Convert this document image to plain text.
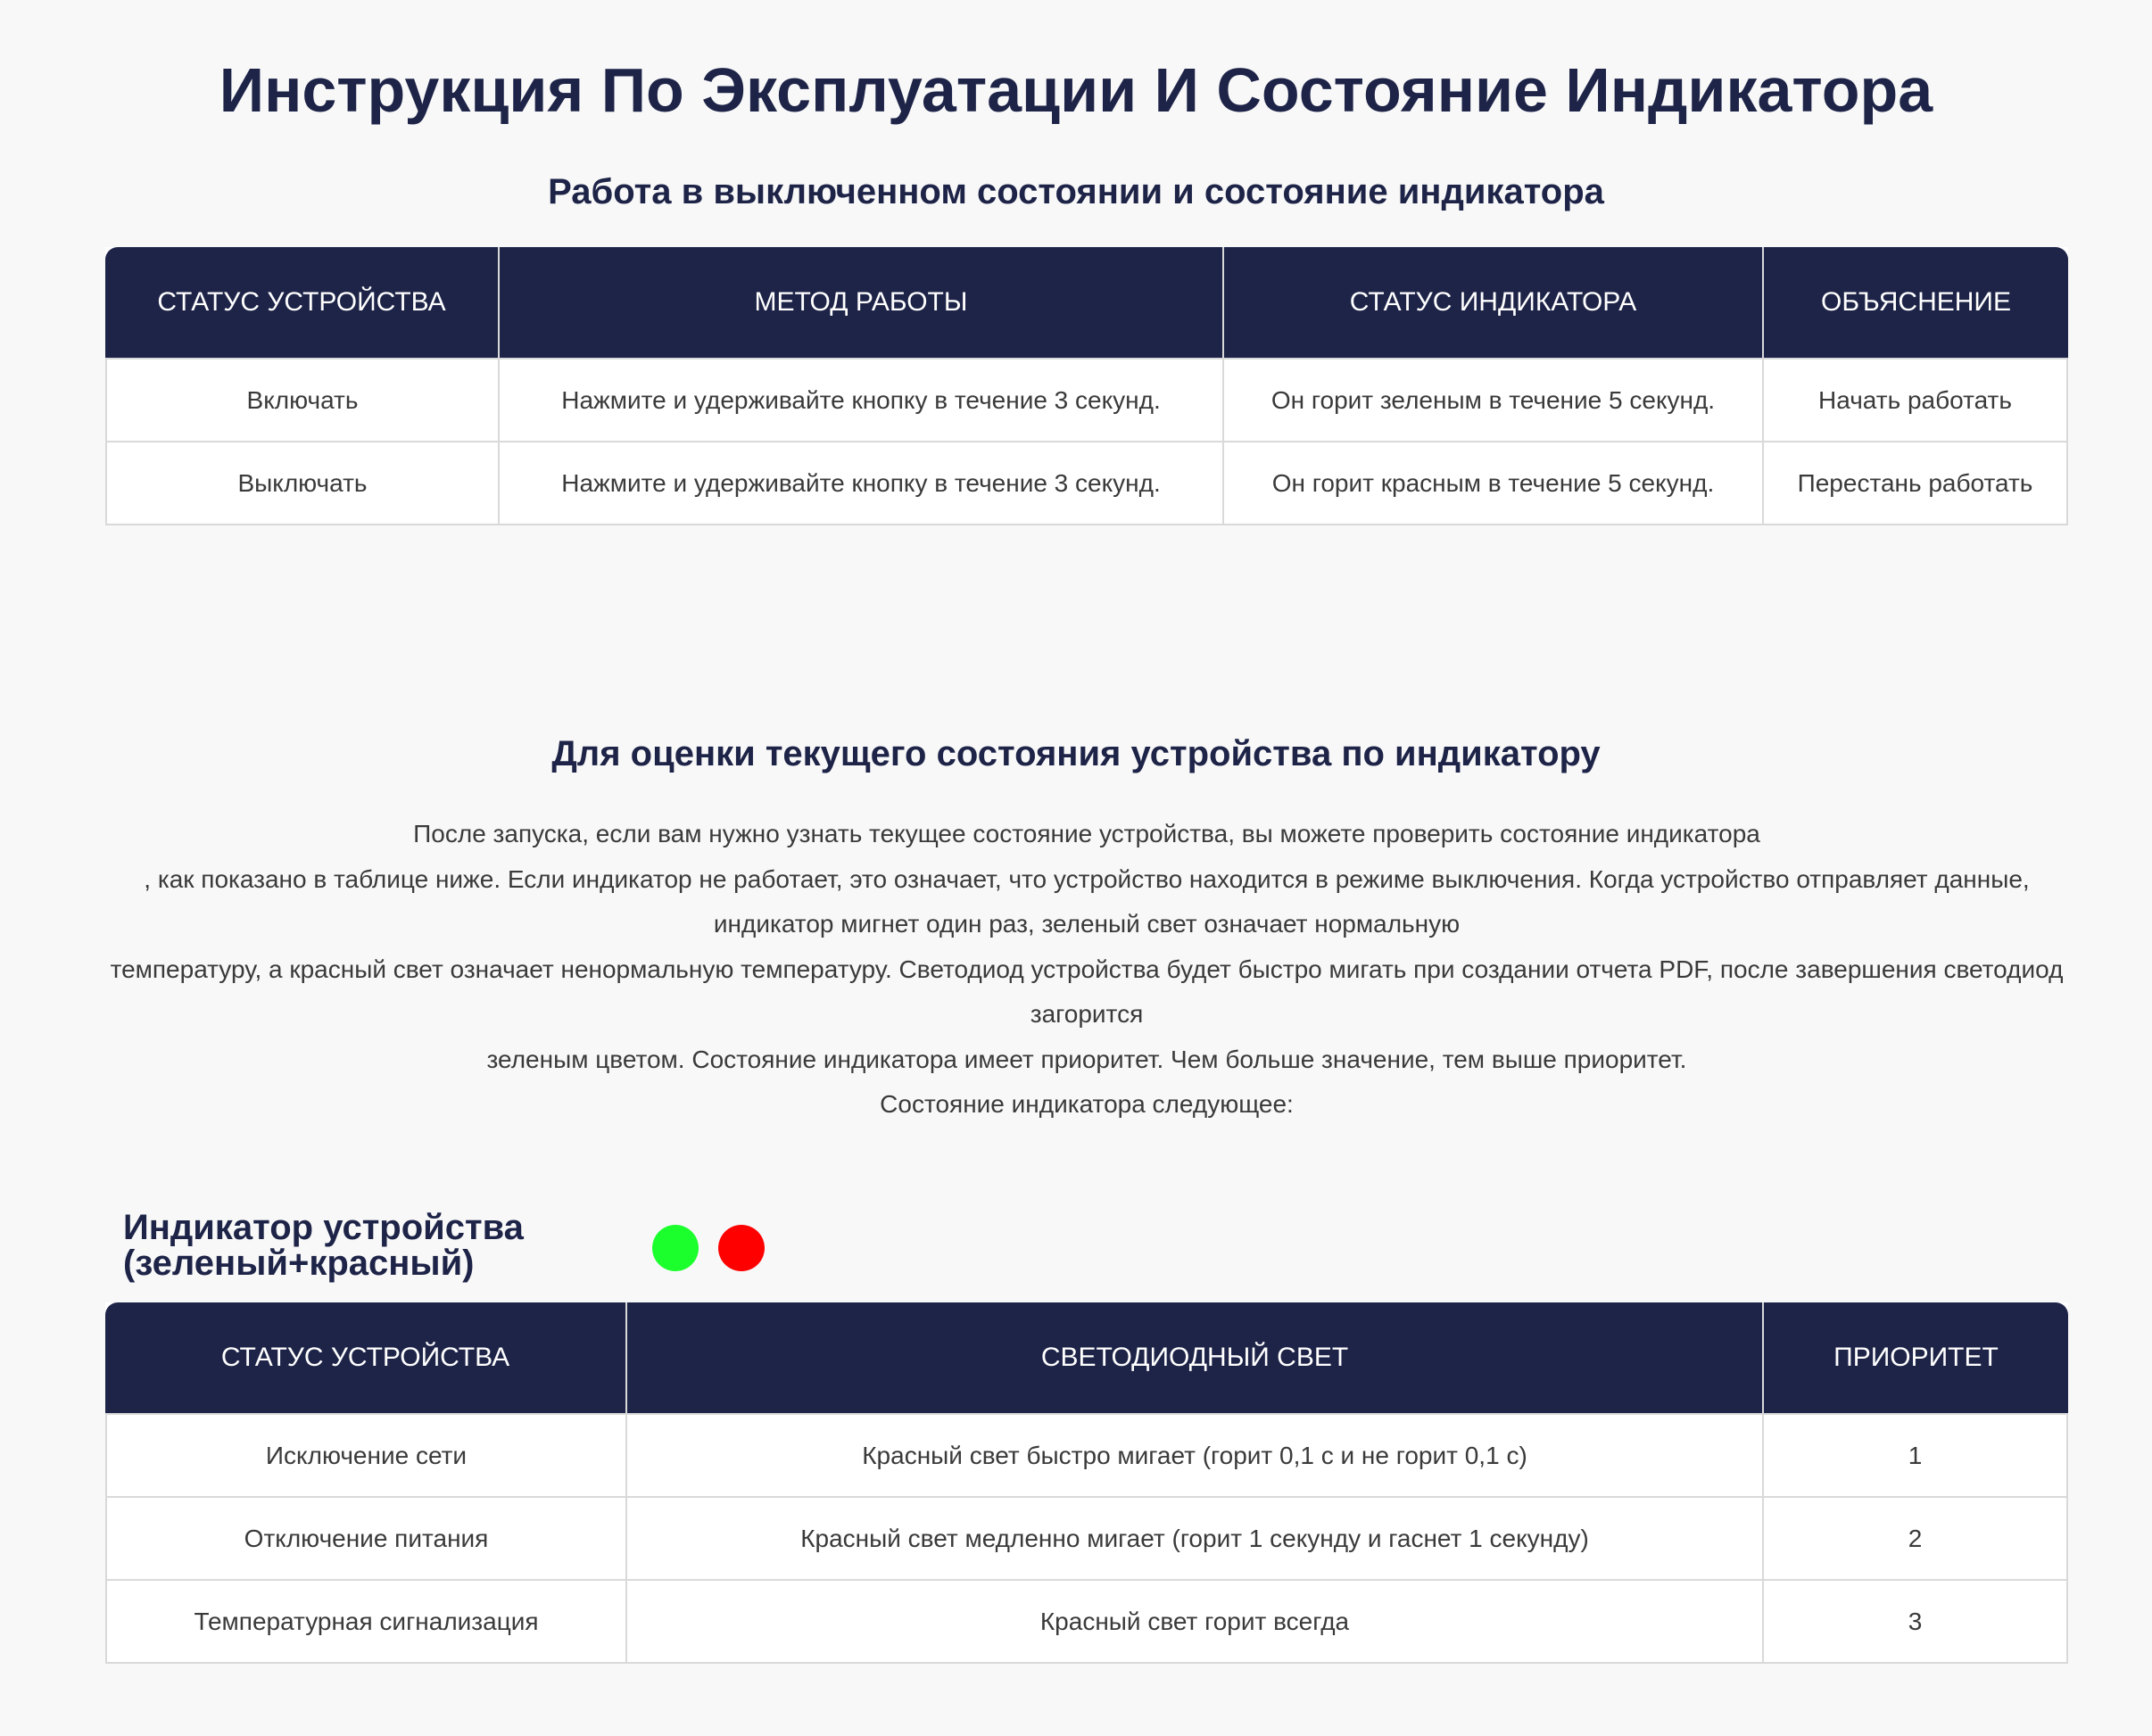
Инструкция По Эксплуатации И Состояние Индикатора
Работа в выключенном состоянии и состояние индикатора
СТАТУС УСТРОЙСТВА	МЕТОД РАБОТЫ	СТАТУС ИНДИКАТОРА	ОБЪЯСНЕНИЕ
Включать	Нажмите и удерживайте кнопку в течение 3 секунд.	Он горит зеленым в течение 5 секунд.	Начать работать
Выключать	Нажмите и удерживайте кнопку в течение 3 секунд.	Он горит красным в течение 5 секунд.	Перестань работать
Для оценки текущего состояния устройства по индикатору
После запуска, если вам нужно узнать текущее состояние устройства, вы можете проверить состояние индикатора
, как показано в таблице ниже. Если индикатор не работает, это означает, что устройство находится в режиме выключения. Когда устройство отправляет данные, индикатор мигнет один раз, зеленый свет означает нормальную
температуру, а красный свет означает ненормальную температуру. Светодиод устройства будет быстро мигать при создании отчета PDF, после завершения светодиод загорится
зеленым цветом. Состояние индикатора имеет приоритет. Чем больше значение, тем выше приоритет.
Состояние индикатора следующее:
Индикатор устройства
(зеленый+красный)
СТАТУС УСТРОЙСТВА	СВЕТОДИОДНЫЙ СВЕТ	ПРИОРИТЕТ
Исключение сети	Красный свет быстро мигает (горит 0,1 с и не горит 0,1 с)	1
Отключение питания	Красный свет медленно мигает (горит 1 секунду и гаснет 1 секунду)	2
Температурная сигнализация	Красный свет горит всегда	3
